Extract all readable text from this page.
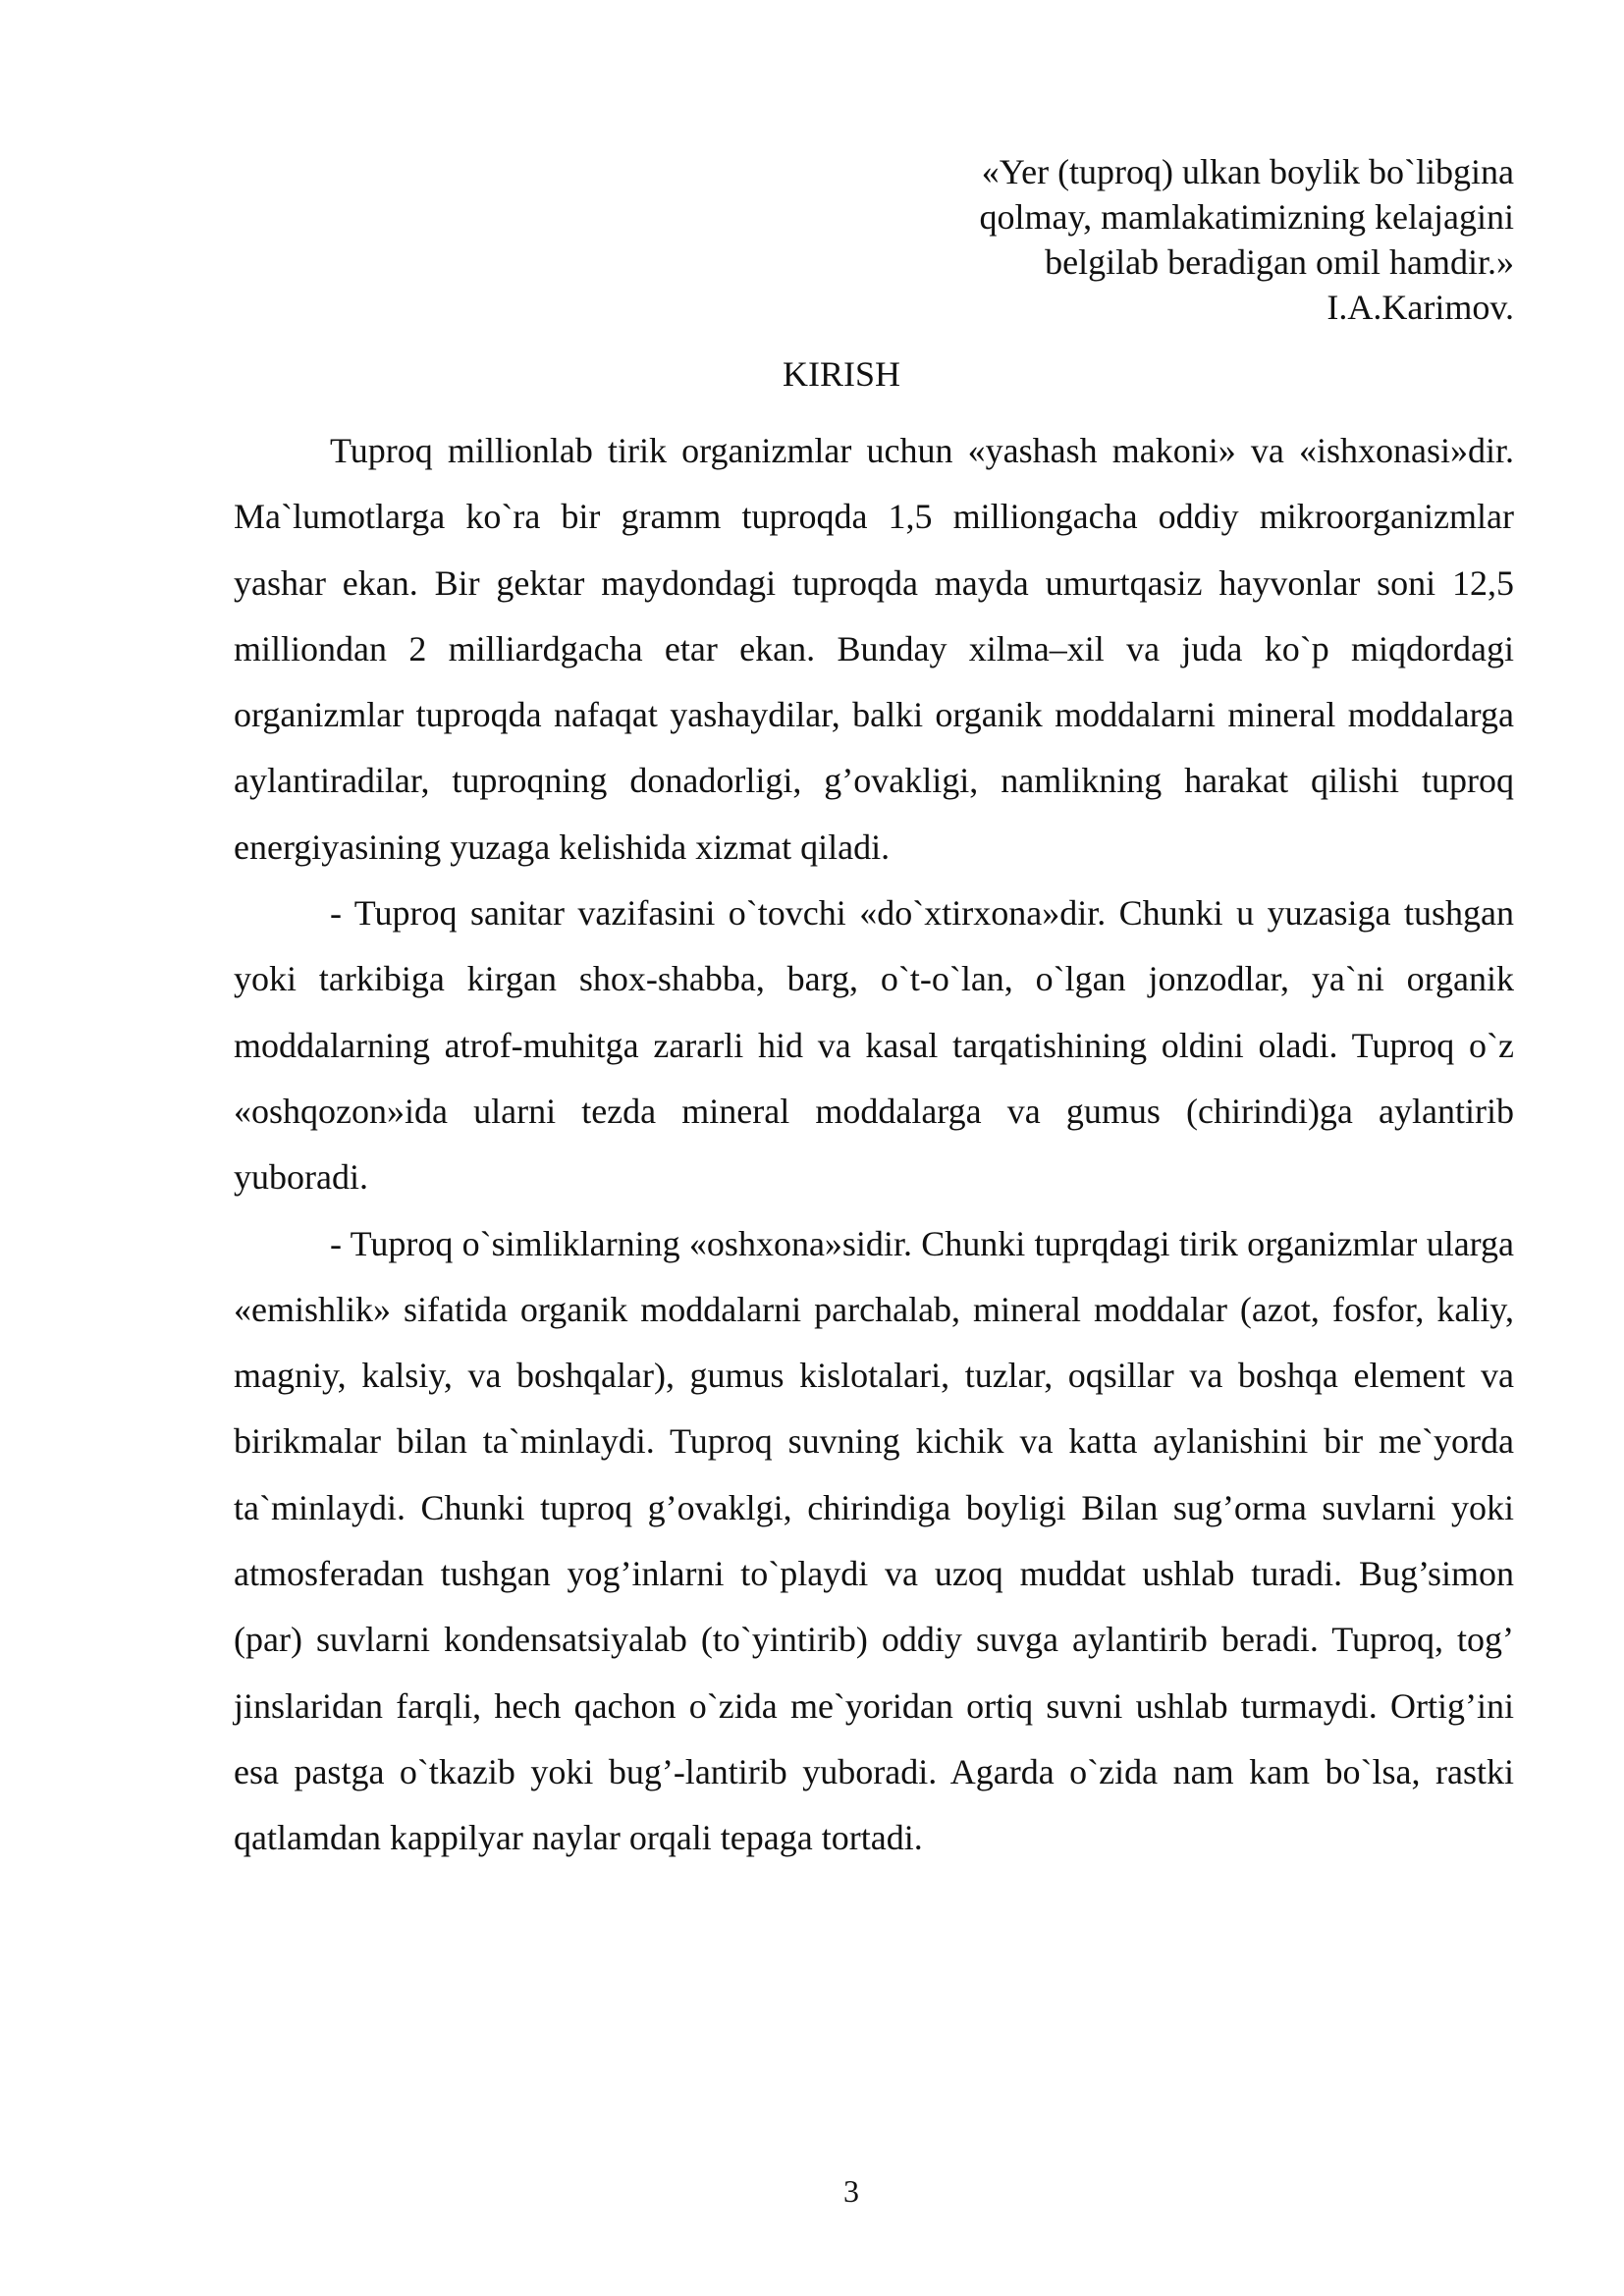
«Yer (tuproq) ulkan boylik bo`libgina
qolmay, mamlakatimizning kelajagini
belgilab beradigan omil hamdir.»
I.A.Karimov.
KIRISH

Tuproq millionlab tirik organizmlar uchun «yashash makoni» va «ishxonasi»dir. Ma`lumotlarga ko`ra bir gramm tuproqda 1,5 milliongacha oddiy mikroorganizmlar yashar ekan. Bir gektar maydondagi tuproqda mayda umurtqasiz hayvonlar soni 12,5 milliondan 2 milliardgacha etar ekan. Bunday xilma–xil va juda ko`p miqdordagi organizmlar tuproqda nafaqat yashaydilar, balki organik moddalarni mineral moddalarga aylantiradilar, tuproqning donadorligi, g’ovakligi, namlikning harakat qilishi tuproq energiyasining yuzaga kelishida xizmat qiladi.

- Tuproq sanitar vazifasini o`tovchi «do`xtirxona»dir. Chunki u yuzasiga tushgan yoki tarkibiga kirgan shox-shabba, barg, o`t-o`lan, o`lgan jonzodlar, ya`ni organik moddalarning atrof-muhitga zararli hid va kasal tarqatishining oldini oladi. Tuproq o`z «oshqozon»ida ularni tezda mineral moddalarga va gumus (chirindi)ga aylantirib yuboradi.

- Tuproq o`simliklarning «oshxona»sidir. Chunki tuprqdagi tirik organizmlar ularga «emishlik» sifatida organik moddalarni parchalab, mineral moddalar (azot, fosfor, kaliy, magniy, kalsiy, va boshqalar), gumus kislotalari, tuzlar, oqsillar va boshqa element va birikmalar bilan ta`minlaydi. Tuproq suvning kichik va katta aylanishini bir me`yorda ta`minlaydi. Chunki tuproq g’ovaklgi, chirindiga boyligi Bilan sug’orma suvlarni yoki atmosferadan tushgan yog’inlarni to`playdi va uzoq muddat ushlab turadi. Bug’simon (par) suvlarni kondensatsiyalab (to`yintirib) oddiy suvga aylantirib beradi. Tuproq, tog’ jinslaridan farqli, hech qachon o`zida me`yoridan ortiq suvni ushlab turmaydi. Ortig’ini esa pastga o`tkazib yoki bug’-lantirib yuboradi. Agarda o`zida nam kam bo`lsa, rastki qatlamdan kappilyar naylar orqali tepaga tortadi.

3
